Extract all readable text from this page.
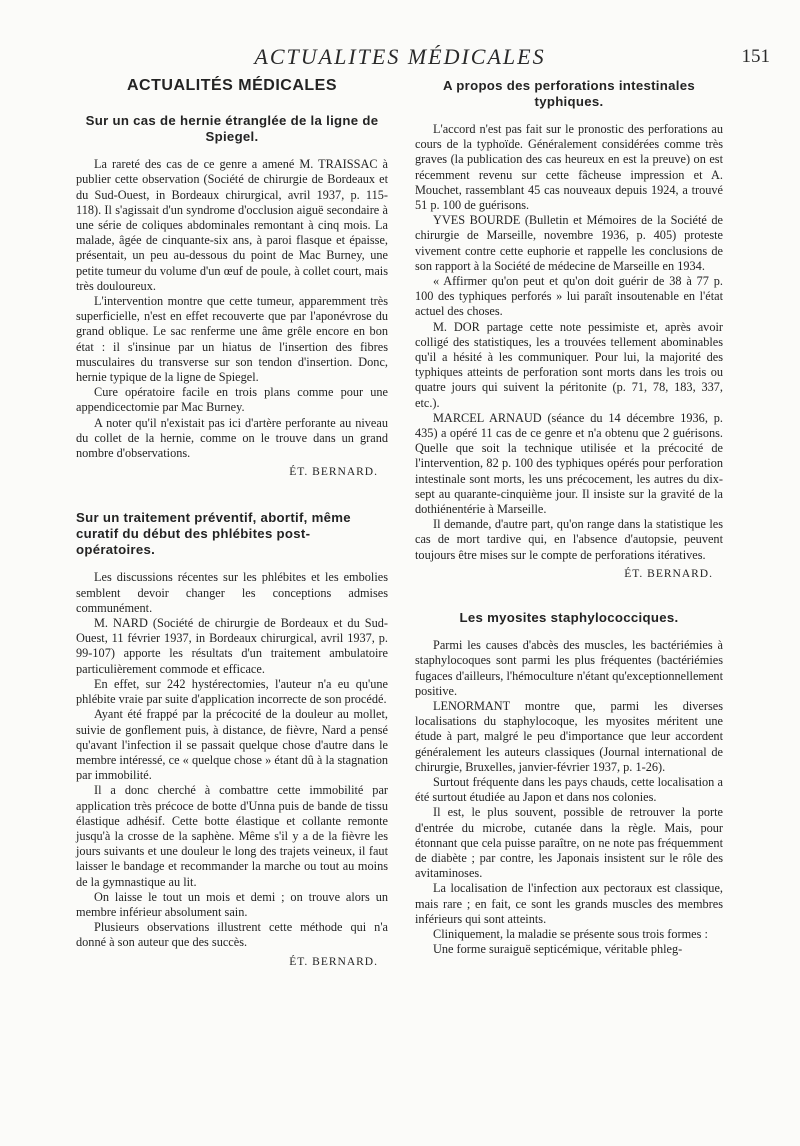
ACTUALITES MÉDICALES	151
ACTUALITÉS MÉDICALES
Sur un cas de hernie étranglée de la ligne de Spiegel.

La rareté des cas de ce genre a amené M. TRAISSAC à publier cette observation (Société de chirurgie de Bordeaux et du Sud-Ouest, in Bordeaux chirurgical, avril 1937, p. 115-118). Il s'agissait d'un syndrome d'occlusion aiguë secondaire à une série de coliques abdominales remontant à cinq mois. La malade, âgée de cinquante-six ans, à paroi flasque et épaisse, présentait, un peu au-dessous du point de Mac Burney, une petite tumeur du volume d'un œuf de poule, à collet court, mais très douloureux.

L'intervention montre que cette tumeur, apparemment très superficielle, n'est en effet recouverte que par l'aponévrose du grand oblique. Le sac renferme une âme grêle encore en bon état : il s'insinue par un hiatus de l'insertion des fibres musculaires du transverse sur son tendon d'insertion. Donc, hernie typique de la ligne de Spiegel.

Cure opératoire facile en trois plans comme pour une appendicectomie par Mac Burney.

A noter qu'il n'existait pas ici d'artère perforante au niveau du collet de la hernie, comme on le trouve dans un grand nombre d'observations.

ÉT. BERNARD.
Sur un traitement préventif, abortif, même curatif du début des phlébites post-opératoires.

Les discussions récentes sur les phlébites et les embolies semblent devoir changer les conceptions admises communément.

M. NARD (Société de chirurgie de Bordeaux et du Sud-Ouest, 11 février 1937, in Bordeaux chirurgical, avril 1937, p. 99-107) apporte les résultats d'un traitement ambulatoire particulièrement commode et efficace.

En effet, sur 242 hystérectomies, l'auteur n'a eu qu'une phlébite vraie par suite d'application incorrecte de son procédé.

Ayant été frappé par la précocité de la douleur au mollet, suivie de gonflement puis, à distance, de fièvre, Nard a pensé qu'avant l'infection il se passait quelque chose d'autre dans le membre intéressé, ce « quelque chose » étant dû à la stagnation par immobilité.

Il a donc cherché à combattre cette immobilité par application très précoce de botte d'Unna puis de bande de tissu élastique adhésif. Cette botte élastique et collante remonte jusqu'à la crosse de la saphène. Même s'il y a de la fièvre les jours suivants et une douleur le long des trajets veineux, il faut laisser le bandage et recommander la marche ou tout au moins de la gymnastique au lit.

On laisse le tout un mois et demi ; on trouve alors un membre inférieur absolument sain.

Plusieurs observations illustrent cette méthode qui n'a donné à son auteur que des succès.

ÉT. BERNARD.
A propos des perforations intestinales typhiques.

L'accord n'est pas fait sur le pronostic des perforations au cours de la typhoïde. Généralement considérées comme très graves (la publication des cas heureux en est la preuve) on est récemment revenu sur cette fâcheuse impression et A. Mouchet, rassemblant 45 cas nouveaux depuis 1924, a trouvé 51 p. 100 de guérisons.

YVES BOURDE (Bulletin et Mémoires de la Société de chirurgie de Marseille, novembre 1936, p. 405) proteste vivement contre cette euphorie et rappelle les conclusions de son rapport à la Société de médecine de Marseille en 1934.

« Affirmer qu'on peut et qu'on doit guérir de 38 à 77 p. 100 des typhiques perforés » lui paraît insoutenable en l'état actuel des choses.

M. DOR partage cette note pessimiste et, après avoir colligé des statistiques, les a trouvées tellement abominables qu'il a hésité à les communiquer. Pour lui, la majorité des typhiques atteints de perforation sont morts dans les trois ou quatre jours qui suivent la péritonite (p. 71, 78, 183, 337, etc.).

MARCEL ARNAUD (séance du 14 décembre 1936, p. 435) a opéré 11 cas de ce genre et n'a obtenu que 2 guérisons. Quelle que soit la technique utilisée et la précocité de l'intervention, 82 p. 100 des typhiques opérés pour perforation intestinale sont morts, les uns précocement, les autres du dix-sept au quarante-cinquième jour. Il insiste sur la gravité de la dothiénentérie à Marseille.

Il demande, d'autre part, qu'on range dans la statistique les cas de mort tardive qui, en l'absence d'autopsie, peuvent toujours être mises sur le compte de perforations itératives.

ÉT. BERNARD.
Les myosites staphylococciques.

Parmi les causes d'abcès des muscles, les bactériémies à staphylocoques sont parmi les plus fréquentes (bactériémies fugaces d'ailleurs, l'hémoculture n'étant qu'exceptionnellement positive.

LENORMANT montre que, parmi les diverses localisations du staphylocoque, les myosites méritent une étude à part, malgré le peu d'importance que leur accordent généralement les auteurs classiques (Journal international de chirurgie, Bruxelles, janvier-février 1937, p. 1-26).

Surtout fréquente dans les pays chauds, cette localisation a été surtout étudiée au Japon et dans nos colonies.

Il est, le plus souvent, possible de retrouver la porte d'entrée du microbe, cutanée dans la règle. Mais, pour étonnant que cela puisse paraître, on ne note pas fréquemment de diabète ; par contre, les Japonais insistent sur le rôle des avitaminoses.

La localisation de l'infection aux pectoraux est classique, mais rare ; en fait, ce sont les grands muscles des membres inférieurs qui sont atteints.

Cliniquement, la maladie se présente sous trois formes :

Une forme suraiguë septicémique, véritable phleg-
